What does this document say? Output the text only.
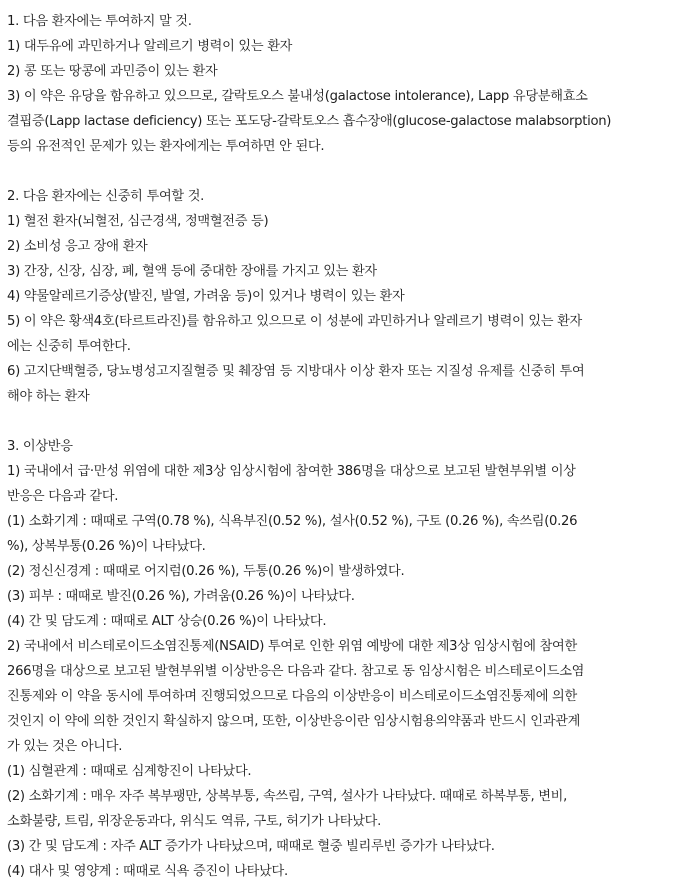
1. 다음 환자에는 투여하지 말 것.
1) 대두유에 과민하거나 알레르기 병력이 있는 환자
2) 콩 또는 땅콩에 과민증이 있는 환자
3) 이 약은 유당을 함유하고 있으므로, 갈락토오스 불내성(galactose intolerance), Lapp 유당분해효소
결핍증(Lapp lactase deficiency) 또는 포도당-갈락토오스 흡수장애(glucose-galactose malabsorption)
등의 유전적인 문제가 있는 환자에게는 투여하면 안 된다.
2. 다음 환자에는 신중히 투여할 것.
1) 혈전 환자(뇌혈전, 심근경색, 정맥혈전증 등)
2) 소비성 응고 장애 환자
3) 간장, 신장, 심장, 폐, 혈액 등에 중대한 장애를 가지고 있는 환자
4) 약물알레르기증상(발진, 발열, 가려움 등)이 있거나 병력이 있는 환자
5) 이 약은 황색4호(타르트라진)를 함유하고 있으므로 이 성분에 과민하거나 알레르기 병력이 있는 환자
에는 신중히 투여한다.
6) 고지단백혈증, 당뇨병성고지질혈증 및 췌장염 등 지방대사 이상 환자 또는 지질성 유제를 신중히 투여
해야 하는 환자
3. 이상반응
1) 국내에서 급·만성 위염에 대한 제3상 임상시험에 참여한 386명을 대상으로 보고된 발현부위별 이상
반응은 다음과 같다.
(1) 소화기계 : 때때로 구역(0.78 %), 식욕부진(0.52 %), 설사(0.52 %), 구토 (0.26 %), 속쓰림(0.26
%), 상복부통(0.26 %)이 나타났다.
(2) 정신신경계 : 때때로 어지럼(0.26 %), 두통(0.26 %)이 발생하였다.
(3) 피부 : 때때로 발진(0.26 %), 가려움(0.26 %)이 나타났다.
(4) 간 및 담도계 : 때때로 ALT 상승(0.26 %)이 나타났다.
2) 국내에서 비스테로이드소염진통제(NSAID) 투여로 인한 위염 예방에 대한 제3상 임상시험에 참여한
266명을 대상으로 보고된 발현부위별 이상반응은 다음과 같다. 참고로 동 임상시험은 비스테로이드소염
진통제와 이 약을 동시에 투여하며 진행되었으므로 다음의 이상반응이 비스테로이드소염진통제에 의한
것인지 이 약에 의한 것인지 확실하지 않으며, 또한, 이상반응이란 임상시험용의약품과 반드시 인과관계
가 있는 것은 아니다.
(1) 심혈관계 : 때때로 심계항진이 나타났다.
(2) 소화기계 : 매우 자주 복부팽만, 상복부통, 속쓰림, 구역, 설사가 나타났다. 때때로 하복부통, 변비,
소화불량, 트림, 위장운동과다, 위식도 역류, 구토, 허기가 나타났다.
(3) 간 및 담도계 : 자주 ALT 증가가 나타났으며, 때때로 혈중 빌리루빈 증가가 나타났다.
(4) 대사 및 영양계 : 때때로 식욕 증진이 나타났다.
